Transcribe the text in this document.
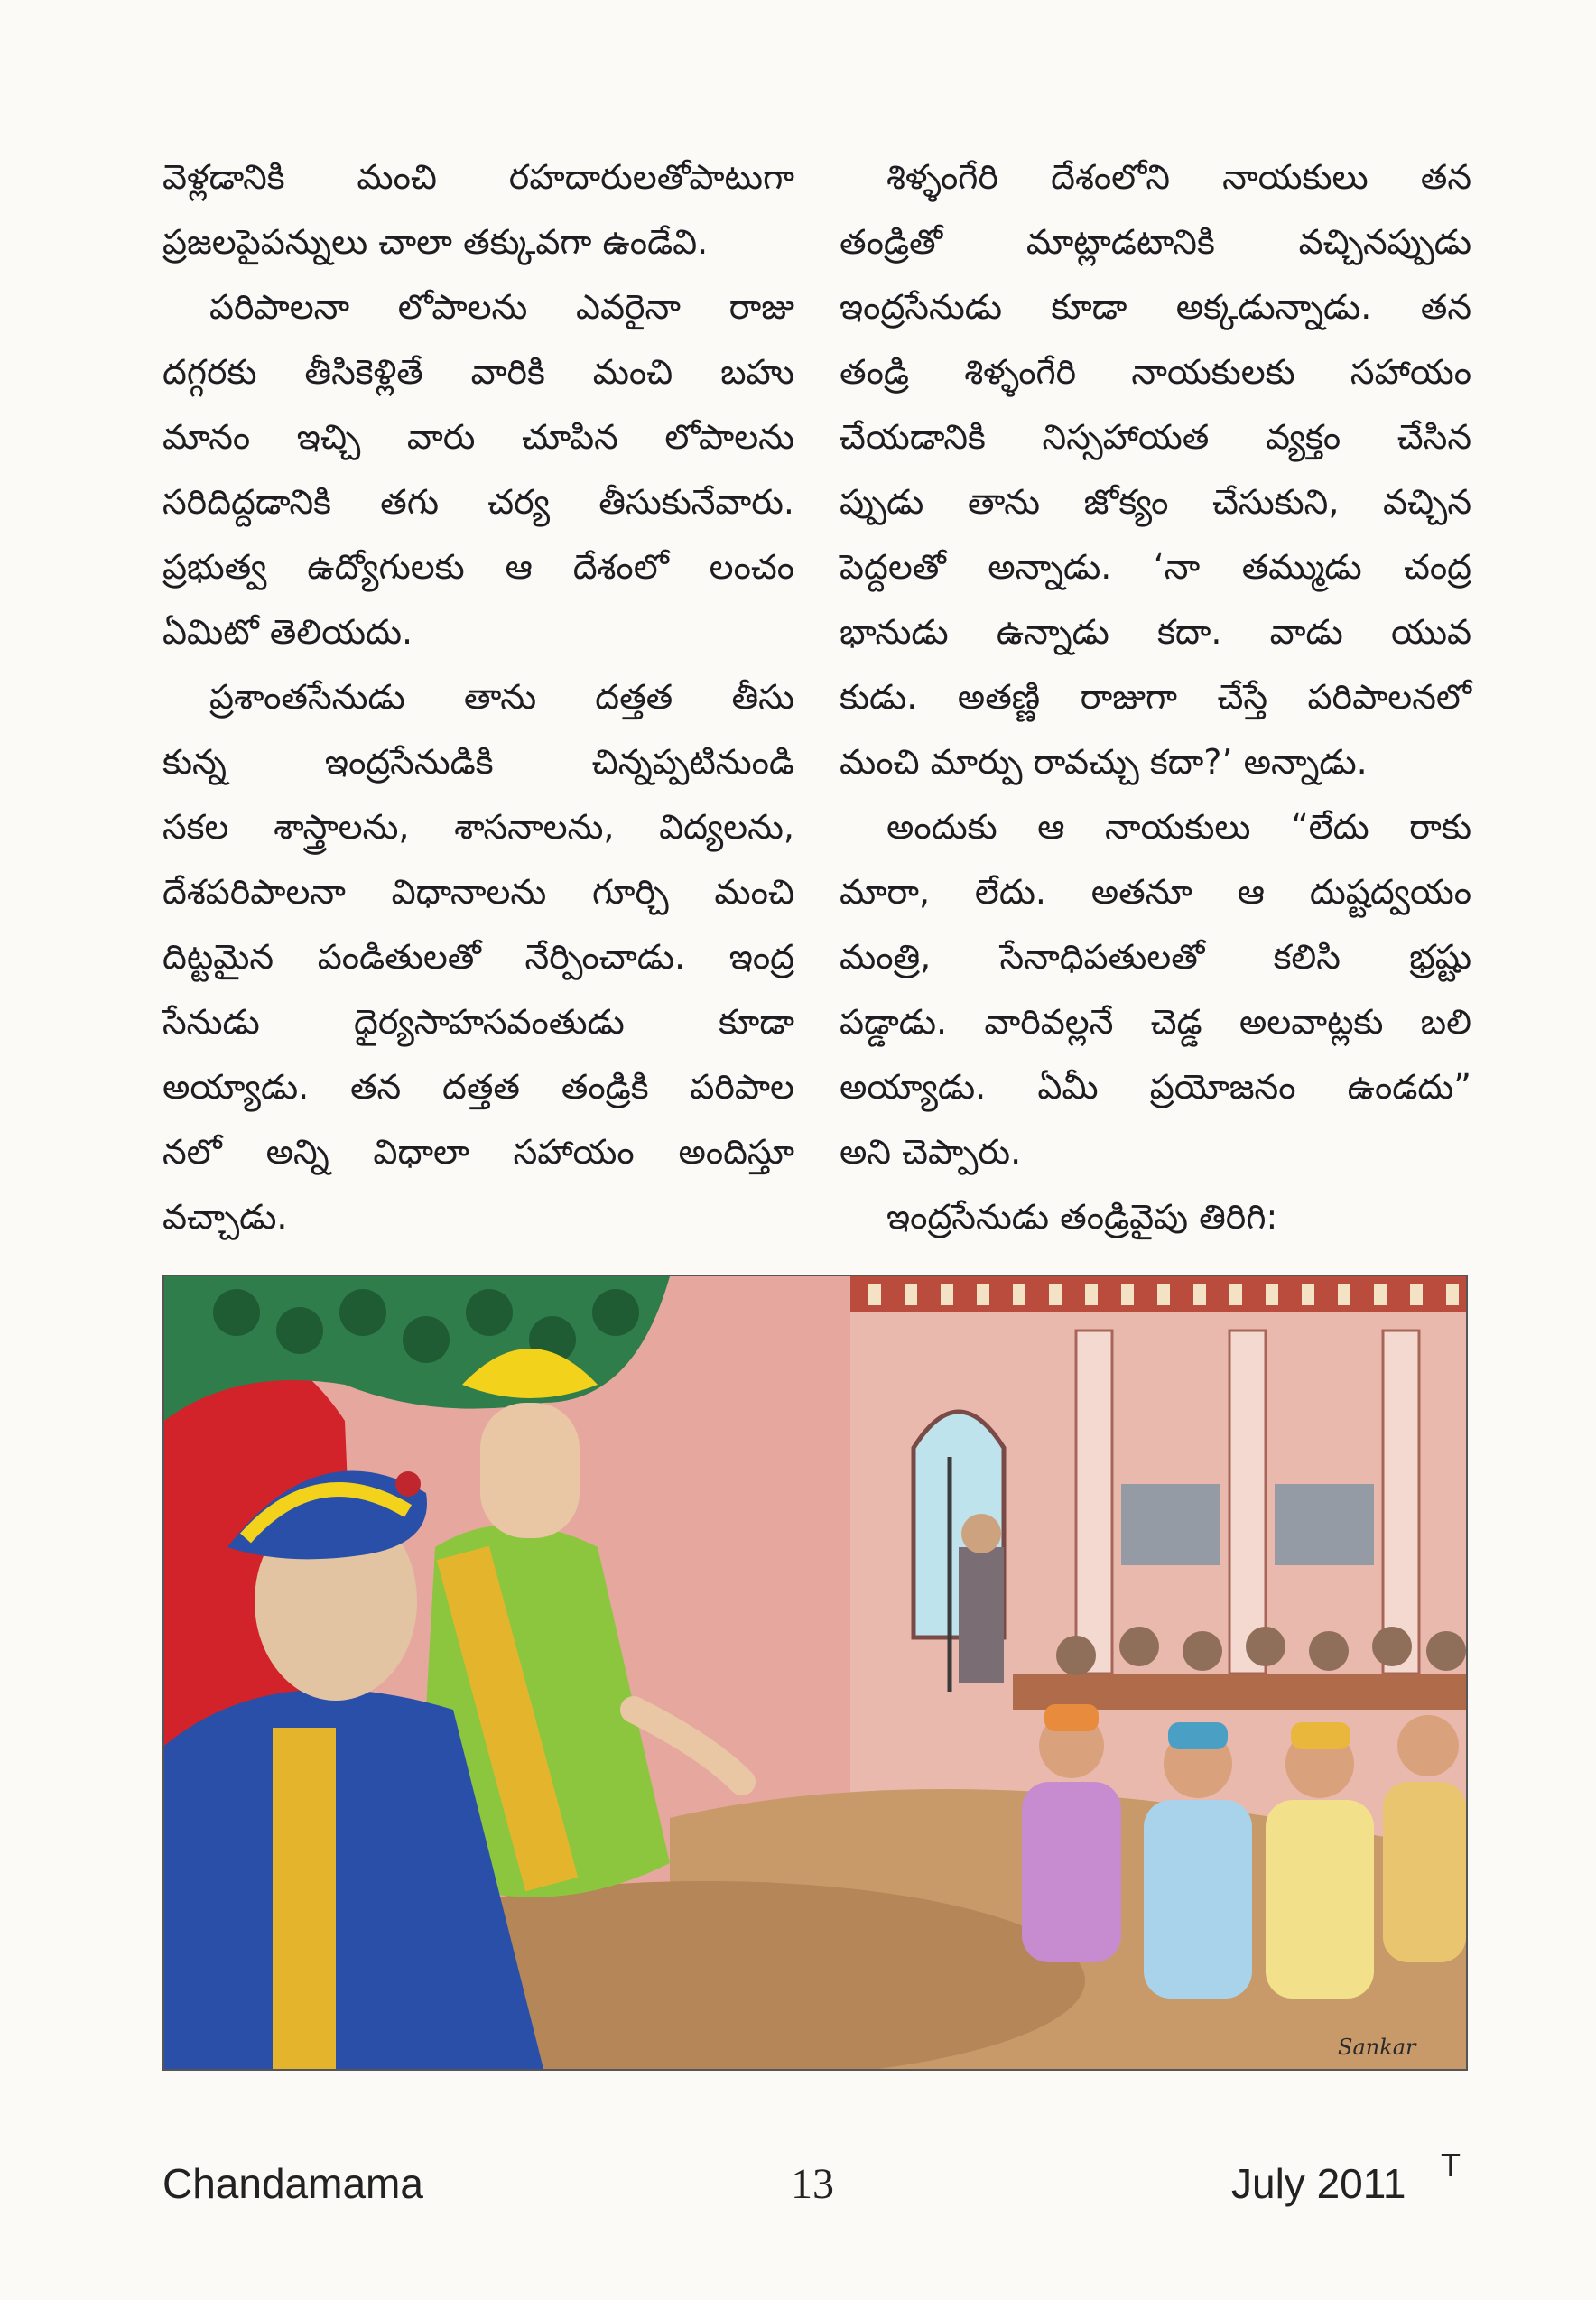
వెళ్లడానికి మంచి రహదారులతోపాటుగా

ప్రజలపైపన్నులు చాలా తక్కువగా ఉండేవి.

పరిపాలనా లోపాలను ఎవరైనా రాజు

దగ్గరకు తీసికెళ్లితే వారికి మంచి బహు

మానం ఇచ్చి వారు చూపిన లోపాలను

సరిదిద్దడానికి తగు చర్య తీసుకునేవారు.

ప్రభుత్వ ఉద్యోగులకు ఆ దేశంలో లంచం

ఏమిటో తెలియదు.

ప్రశాంతసేనుడు తాను దత్తత తీసు

కున్న ఇంద్రసేనుడికి చిన్నప్పటినుండి

సకల శాస్త్రాలను, శాసనాలను, విద్యలను,

దేశపరిపాలనా విధానాలను గూర్చి మంచి

దిట్టమైన పండితులతో నేర్పించాడు. ఇంద్ర

సేనుడు ధైర్యసాహసవంతుడు కూడా

అయ్యాడు. తన దత్తత తండ్రికి పరిపాల

నలో అన్ని విధాలా సహాయం అందిస్తూ

వచ్చాడు.

శిళ్ళంగేరి దేశంలోని నాయకులు తన

తండ్రితో మాట్లాడటానికి వచ్చినప్పుడు

ఇంద్రసేనుడు కూడా అక్కడున్నాడు. తన

తండ్రి శిళ్ళంగేరి నాయకులకు సహాయం

చేయడానికి నిస్సహాయత వ్యక్తం చేసిన

ప్పుడు తాను జోక్యం చేసుకుని, వచ్చిన

పెద్దలతో అన్నాడు. ‘నా తమ్ముడు చంద్ర

భానుడు ఉన్నాడు కదా. వాడు యువ

కుడు. అతణ్ణి రాజుగా చేస్తే పరిపాలనలో

మంచి మార్పు రావచ్చు కదా?’ అన్నాడు.

అందుకు ఆ నాయకులు “లేదు రాకు

మారా, లేదు. అతనూ ఆ దుష్టద్వయం

మంత్రి, సేనాధిపతులతో కలిసి భ్రష్టు

పడ్డాడు. వారివల్లనే చెడ్డ అలవాట్లకు బలి

అయ్యాడు. ఏమీ ప్రయోజనం ఉండదు”

అని చెప్పారు.

ఇంద్రసేనుడు తండ్రివైపు తిరిగి:

Sankar
Chandamama	13	July 2011 T
